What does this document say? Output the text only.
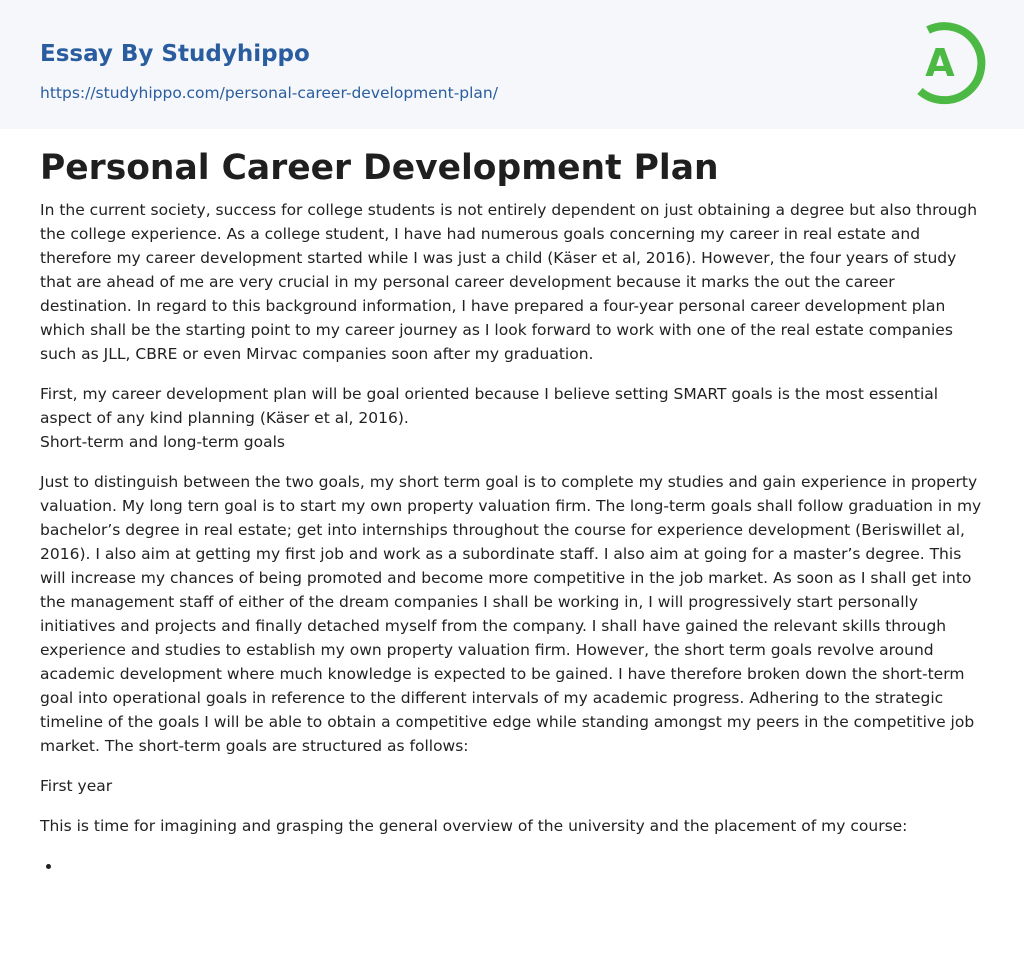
Essay By Studyhippo
https://studyhippo.com/personal-career-development-plan/
A
Personal Career Development Plan

In the current society, success for college students is not entirely dependent on just obtaining a degree but also through the college experience. As a college student, I have had numerous goals concerning my career in real estate and therefore my career development started while I was just a child (Käser et al, 2016). However, the four years of study that are ahead of me are very crucial in my personal career development because it marks the out the career destination. In regard to this background information, I have prepared a four-year personal career development plan which shall be the starting point to my career journey as I look forward to work with one of the real estate companies such as JLL, CBRE or even Mirvac companies soon after my graduation.

First, my career development plan will be goal oriented because I believe setting SMART goals is the most essential aspect of any kind planning (Käser et al, 2016).
Short-term and long-term goals

Just to distinguish between the two goals, my short term goal is to complete my studies and gain experience in property valuation. My long tern goal is to start my own property valuation firm. The long-term goals shall follow graduation in my bachelor’s degree in real estate; get into internships throughout the course for experience development (Beriswillet al, 2016). I also aim at getting my first job and work as a subordinate staff. I also aim at going for a master’s degree. This will increase my chances of being promoted and become more competitive in the job market. As soon as I shall get into the management staff of either of the dream companies I shall be working in, I will progressively start personally initiatives and projects and finally detached myself from the company. I shall have gained the relevant skills through experience and studies to establish my own property valuation firm. However, the short term goals revolve around academic development where much knowledge is expected to be gained. I have therefore broken down the short-term goal into operational goals in reference to the different intervals of my academic progress. Adhering to the strategic timeline of the goals I will be able to obtain a competitive edge while standing amongst my peers in the competitive job market. The short-term goals are structured as follows:

First year

This is time for imagining and grasping the general overview of the university and the placement of my course:

•
